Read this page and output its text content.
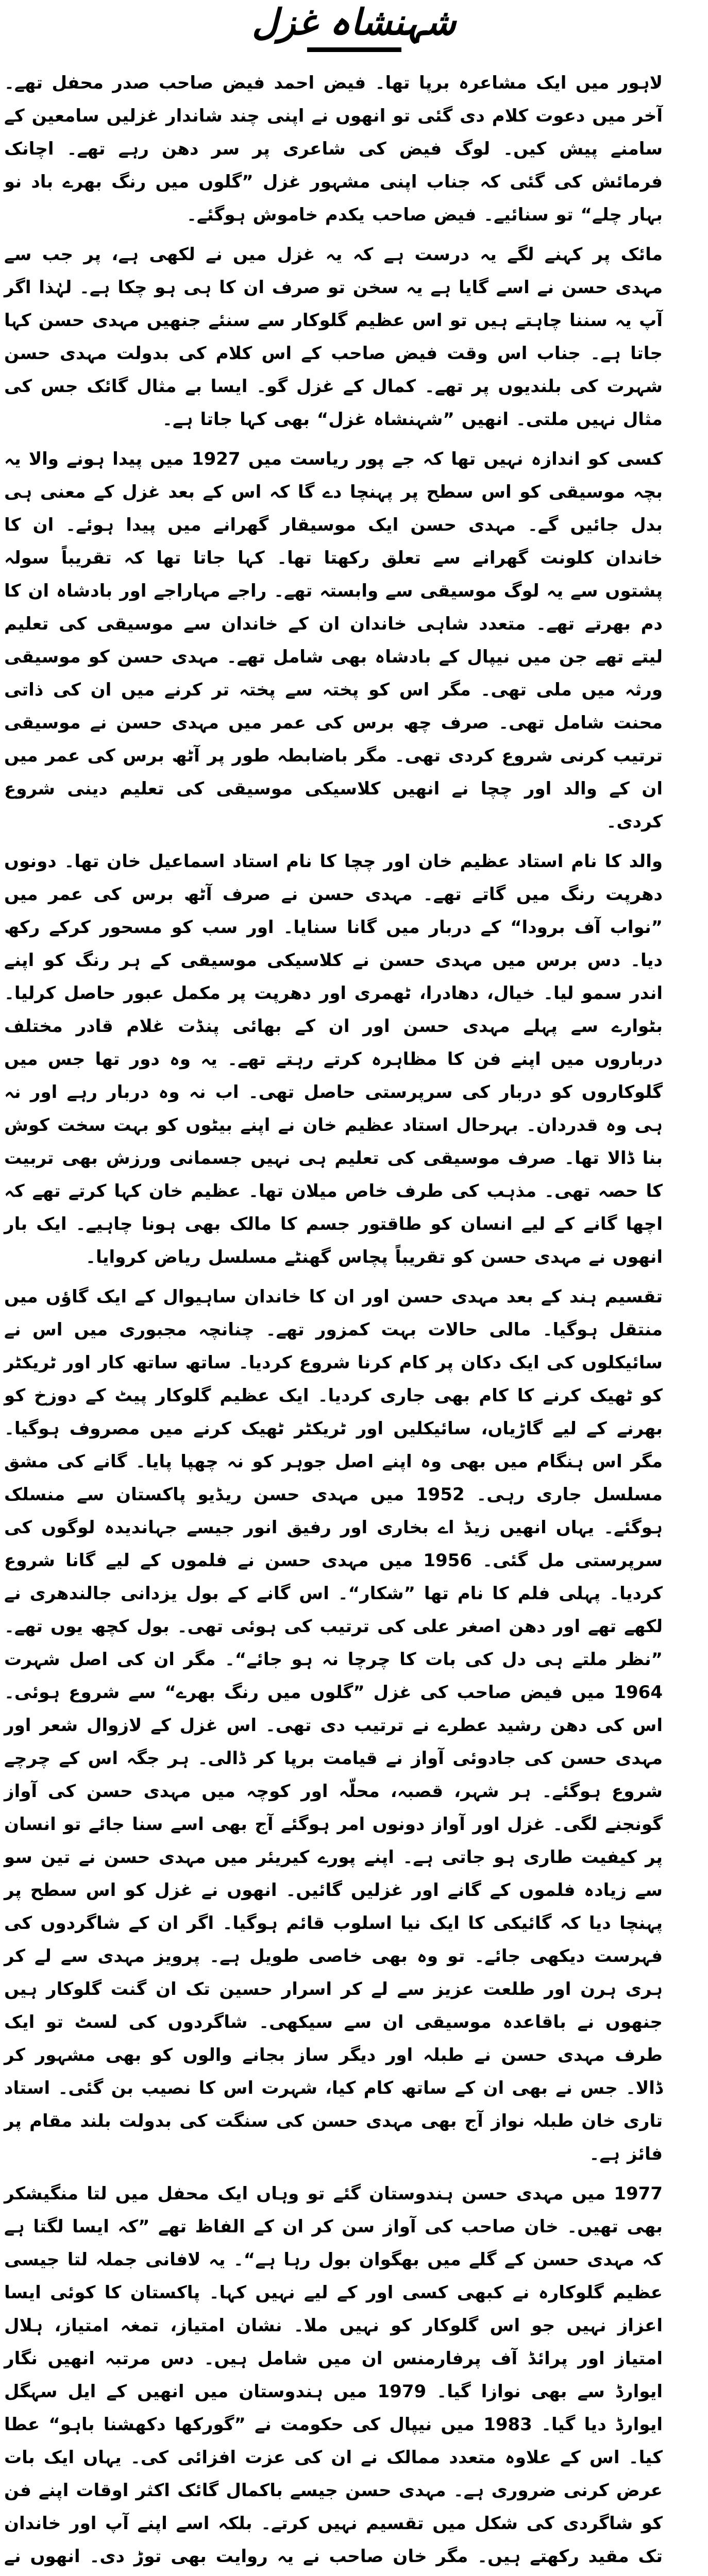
شہنشاہ غزل

لاہور میں ایک مشاعرہ برپا تھا۔ فیض احمد فیض صاحب صدر محفل تھے۔ آخر میں دعوت کلام دی گئی تو انھوں نے اپنی چند شاندار غزلیں سامعین کے سامنے پیش کیں۔ لوگ فیض کی شاعری پر سر دھن رہے تھے۔ اچانک فرمائش کی گئی کہ جناب اپنی مشہور غزل ”گلوں میں رنگ بھرے باد نو بہار چلے“ تو سنائیے۔ فیض صاحب یکدم خاموش ہوگئے۔

مائک پر کہنے لگے یہ درست ہے کہ یہ غزل میں نے لکھی ہے، پر جب سے مہدی حسن نے اسے گایا ہے یہ سخن تو صرف ان کا ہی ہو چکا ہے۔ لہٰذا اگر آپ یہ سننا چاہتے ہیں تو اس عظیم گلوکار سے سنئے جنھیں مہدی حسن کہا جاتا ہے۔ جناب اس وقت فیض صاحب کے اس کلام کی بدولت مہدی حسن شہرت کی بلندیوں پر تھے۔ کمال کے غزل گو۔ ایسا بے مثال گائک جس کی مثال نہیں ملتی۔ انھیں ”شہنشاہ غزل“ بھی کہا جاتا ہے۔

کسی کو اندازہ نہیں تھا کہ جے پور ریاست میں 1927 میں پیدا ہونے والا یہ بچہ موسیقی کو اس سطح پر پہنچا دے گا کہ اس کے بعد غزل کے معنی ہی بدل جائیں گے۔ مہدی حسن ایک موسیقار گھرانے میں پیدا ہوئے۔ ان کا خاندان کلونت گھرانے سے تعلق رکھتا تھا۔ کہا جاتا تھا کہ تقریباً سولہ پشتوں سے یہ لوگ موسیقی سے وابستہ تھے۔ راجے مہاراجے اور بادشاہ ان کا دم بھرتے تھے۔ متعدد شاہی خاندان ان کے خاندان سے موسیقی کی تعلیم لیتے تھے جن میں نیپال کے بادشاہ بھی شامل تھے۔ مہدی حسن کو موسیقی ورثہ میں ملی تھی۔ مگر اس کو پختہ سے پختہ تر کرنے میں ان کی ذاتی محنت شامل تھی۔ صرف چھ برس کی عمر میں مہدی حسن نے موسیقی ترتیب کرنی شروع کردی تھی۔ مگر باضابطہ طور پر آٹھ برس کی عمر میں ان کے والد اور چچا نے انھیں کلاسیکی موسیقی کی تعلیم دینی شروع کردی۔

والد کا نام استاد عظیم خان اور چچا کا نام استاد اسماعیل خان تھا۔ دونوں دھرپت رنگ میں گاتے تھے۔ مہدی حسن نے صرف آٹھ برس کی عمر میں ”نواب آف برودا“ کے دربار میں گانا سنایا۔ اور سب کو مسحور کرکے رکھ دیا۔ دس برس میں مہدی حسن نے کلاسیکی موسیقی کے ہر رنگ کو اپنے اندر سمو لیا۔ خیال، دھادرا، ٹھمری اور دھرپت پر مکمل عبور حاصل کرلیا۔ بٹوارے سے پہلے مہدی حسن اور ان کے بھائی پنڈت غلام قادر مختلف درباروں میں اپنے فن کا مظاہرہ کرتے رہتے تھے۔ یہ وہ دور تھا جس میں گلوکاروں کو دربار کی سرپرستی حاصل تھی۔ اب نہ وہ دربار رہے اور نہ ہی وہ قدردان۔ بہرحال استاد عظیم خان نے اپنے بیٹوں کو بہت سخت کوش بنا ڈالا تھا۔ صرف موسیقی کی تعلیم ہی نہیں جسمانی ورزش بھی تربیت کا حصہ تھی۔ مذہب کی طرف خاص میلان تھا۔ عظیم خان کہا کرتے تھے کہ اچھا گانے کے لیے انسان کو طاقتور جسم کا مالک بھی ہونا چاہیے۔ ایک بار انھوں نے مہدی حسن کو تقریباً پچاس گھنٹے مسلسل ریاض کروایا۔

تقسیم ہند کے بعد مہدی حسن اور ان کا خاندان ساہیوال کے ایک گاؤں میں منتقل ہوگیا۔ مالی حالات بہت کمزور تھے۔ چنانچہ مجبوری میں اس نے سائیکلوں کی ایک دکان پر کام کرنا شروع کردیا۔ ساتھ ساتھ کار اور ٹریکٹر کو ٹھیک کرنے کا کام بھی جاری کردیا۔ ایک عظیم گلوکار پیٹ کے دوزخ کو بھرنے کے لیے گاڑیاں، سائیکلیں اور ٹریکٹر ٹھیک کرنے میں مصروف ہوگیا۔ مگر اس ہنگام میں بھی وہ اپنے اصل جوہر کو نہ چھپا پایا۔ گانے کی مشق مسلسل جاری رہی۔ 1952 میں مہدی حسن ریڈیو پاکستان سے منسلک ہوگئے۔ یہاں انھیں زیڈ اے بخاری اور رفیق انور جیسے جہاندیدہ لوگوں کی سرپرستی مل گئی۔ 1956 میں مہدی حسن نے فلموں کے لیے گانا شروع کردیا۔ پہلی فلم کا نام تھا ”شکار“۔ اس گانے کے بول یزدانی جالندھری نے لکھے تھے اور دھن اصغر علی کی ترتیب کی ہوئی تھی۔ بول کچھ یوں تھے۔ ”نظر ملتے ہی دل کی بات کا چرچا نہ ہو جائے“۔ مگر ان کی اصل شہرت 1964 میں فیض صاحب کی غزل ”گلوں میں رنگ بھرے“ سے شروع ہوئی۔ اس کی دھن رشید عطرے نے ترتیب دی تھی۔ اس غزل کے لازوال شعر اور مہدی حسن کی جادوئی آواز نے قیامت برپا کر ڈالی۔ ہر جگہ اس کے چرچے شروع ہوگئے۔ ہر شہر، قصبہ، محلّہ اور کوچہ میں مہدی حسن کی آواز گونجنے لگی۔ غزل اور آواز دونوں امر ہوگئے آج بھی اسے سنا جائے تو انسان پر کیفیت طاری ہو جاتی ہے۔ اپنے پورے کیریئر میں مہدی حسن نے تین سو سے زیادہ فلموں کے گانے اور غزلیں گائیں۔ انھوں نے غزل کو اس سطح پر پہنچا دیا کہ گائیکی کا ایک نیا اسلوب قائم ہوگیا۔ اگر ان کے شاگردوں کی فہرست دیکھی جائے۔ تو وہ بھی خاصی طویل ہے۔ پرویز مہدی سے لے کر ہری ہرن اور طلعت عزیز سے لے کر اسرار حسین تک ان گنت گلوکار ہیں جنھوں نے باقاعدہ موسیقی ان سے سیکھی۔ شاگردوں کی لسٹ تو ایک طرف مہدی حسن نے طبلہ اور دیگر ساز بجانے والوں کو بھی مشہور کر ڈالا۔ جس نے بھی ان کے ساتھ کام کیا، شہرت اس کا نصیب بن گئی۔ استاد تاری خان طبلہ نواز آج بھی مہدی حسن کی سنگت کی بدولت بلند مقام پر فائز ہے۔

1977 میں مہدی حسن ہندوستان گئے تو وہاں ایک محفل میں لتا منگیشکر بھی تھیں۔ خان صاحب کی آواز سن کر ان کے الفاظ تھے ”کہ ایسا لگتا ہے کہ مہدی حسن کے گلے میں بھگوان بول رہا ہے“۔ یہ لافانی جملہ لتا جیسی عظیم گلوکارہ نے کبھی کسی اور کے لیے نہیں کہا۔ پاکستان کا کوئی ایسا اعزاز نہیں جو اس گلوکار کو نہیں ملا۔ نشان امتیاز، تمغہ امتیاز، ہلال امتیاز اور پرائڈ آف پرفارمنس ان میں شامل ہیں۔ دس مرتبہ انھیں نگار ایوارڈ سے بھی نوازا گیا۔ 1979 میں ہندوستان میں انھیں کے ایل سہگل ایوارڈ دیا گیا۔ 1983 میں نیپال کی حکومت نے ”گورکھا دکھشنا باہو“ عطا کیا۔ اس کے علاوہ متعدد ممالک نے ان کی عزت افزائی کی۔ یہاں ایک بات عرض کرنی ضروری ہے۔ مہدی حسن جیسے باکمال گائک اکثر اوقات اپنے فن کو شاگردی کی شکل میں تقسیم نہیں کرتے۔ بلکہ اسے اپنے آپ اور خاندان تک مقید رکھتے ہیں۔ مگر خان صاحب نے یہ روایت بھی توڑ دی۔ انھوں نے
